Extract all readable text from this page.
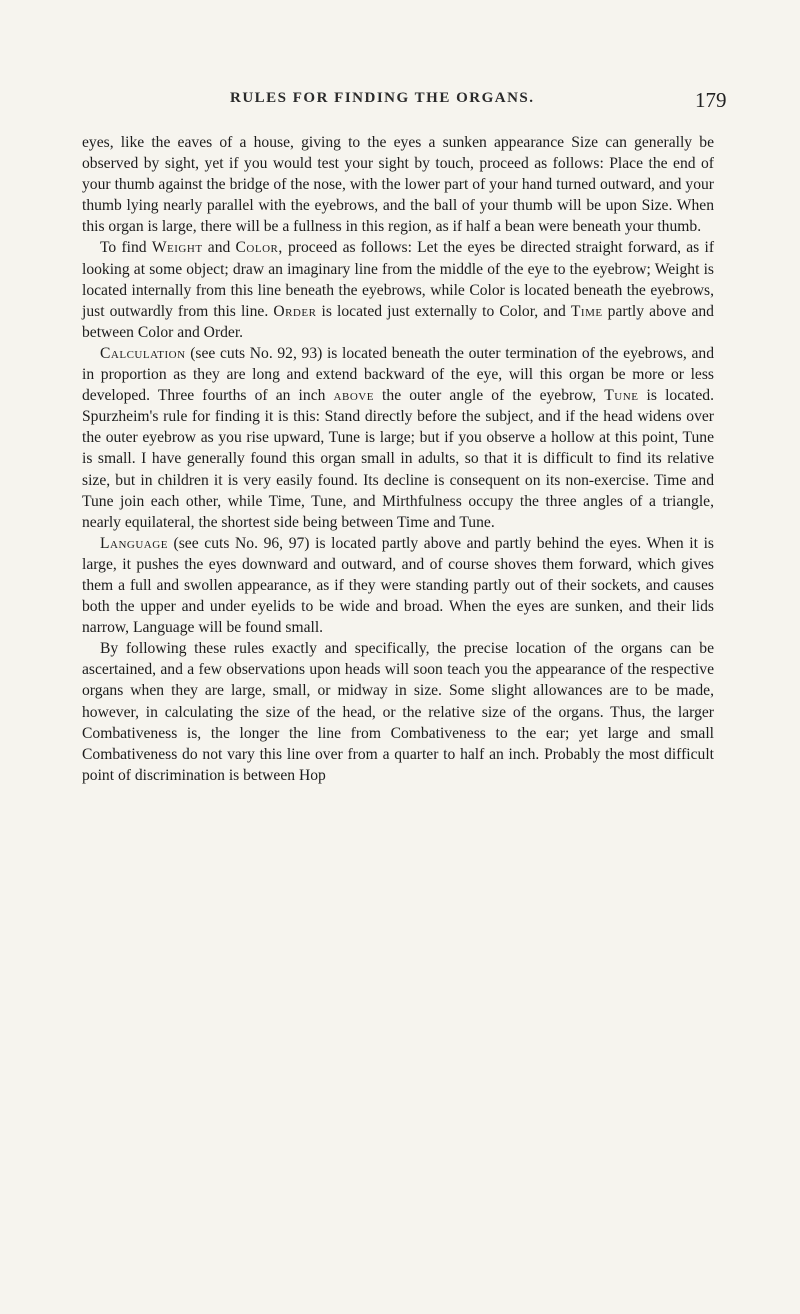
RULES FOR FINDING THE ORGANS.	179

eyes, like the eaves of a house, giving to the eyes a sunken appearance Size can generally be observed by sight, yet if you would test your sight by touch, proceed as follows: Place the end of your thumb against the bridge of the nose, with the lower part of your hand turned outward, and your thumb lying nearly parallel with the eyebrows, and the ball of your thumb will be upon Size. When this organ is large, there will be a fullness in this region, as if half a bean were beneath your thumb.

To find Weight and Color, proceed as follows: Let the eyes be directed straight forward, as if looking at some object; draw an imaginary line from the middle of the eye to the eyebrow; Weight is located internally from this line beneath the eyebrows, while Color is located beneath the eyebrows, just outwardly from this line. Order is located just externally to Color, and Time partly above and between Color and Order.

Calculation (see cuts No. 92, 93) is located beneath the outer termination of the eyebrows, and in proportion as they are long and extend backward of the eye, will this organ be more or less developed. Three fourths of an inch above the outer angle of the eyebrow, Tune is located. Spurzheim's rule for finding it is this: Stand directly before the subject, and if the head widens over the outer eyebrow as you rise upward, Tune is large; but if you observe a hollow at this point, Tune is small. I have generally found this organ small in adults, so that it is difficult to find its relative size, but in children it is very easily found. Its decline is consequent on its non-exercise. Time and Tune join each other, while Time, Tune, and Mirthfulness occupy the three angles of a triangle, nearly equilateral, the shortest side being between Time and Tune.

Language (see cuts No. 96, 97) is located partly above and partly behind the eyes. When it is large, it pushes the eyes downward and outward, and of course shoves them forward, which gives them a full and swollen appearance, as if they were standing partly out of their sockets, and causes both the upper and under eyelids to be wide and broad. When the eyes are sunken, and their lids narrow, Language will be found small.

By following these rules exactly and specifically, the precise location of the organs can be ascertained, and a few observations upon heads will soon teach you the appearance of the respective organs when they are large, small, or midway in size. Some slight allowances are to be made, however, in calculating the size of the head, or the relative size of the organs. Thus, the larger Combativeness is, the longer the line from Combativeness to the ear; yet large and small Combativeness do not vary this line over from a quarter to half an inch. Probably the most difficult point of discrimination is between Hop
